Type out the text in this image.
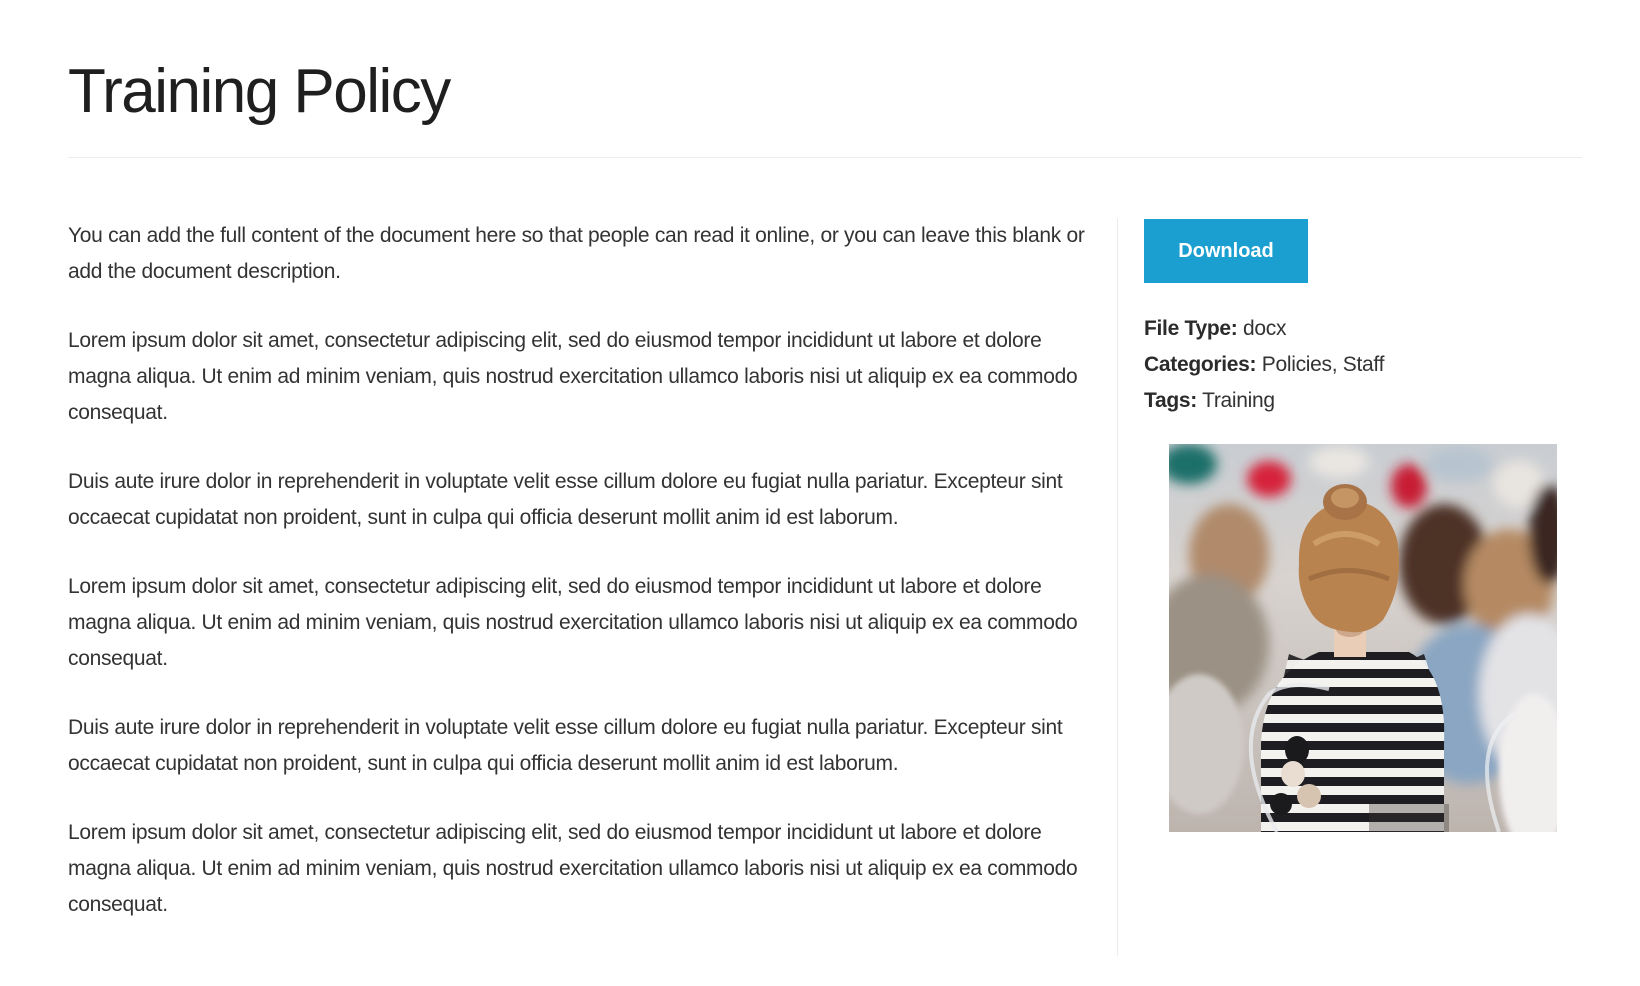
Training Policy

You can add the full content of the document here so that people can read it online, or you can leave this blank or add the document description.

Lorem ipsum dolor sit amet, consectetur adipiscing elit, sed do eiusmod tempor incididunt ut labore et dolore magna aliqua. Ut enim ad minim veniam, quis nostrud exercitation ullamco laboris nisi ut aliquip ex ea commodo consequat.

Duis aute irure dolor in reprehenderit in voluptate velit esse cillum dolore eu fugiat nulla pariatur. Excepteur sint occaecat cupidatat non proident, sunt in culpa qui officia deserunt mollit anim id est laborum.

Lorem ipsum dolor sit amet, consectetur adipiscing elit, sed do eiusmod tempor incididunt ut labore et dolore magna aliqua. Ut enim ad minim veniam, quis nostrud exercitation ullamco laboris nisi ut aliquip ex ea commodo consequat.

Duis aute irure dolor in reprehenderit in voluptate velit esse cillum dolore eu fugiat nulla pariatur. Excepteur sint occaecat cupidatat non proident, sunt in culpa qui officia deserunt mollit anim id est laborum.

Lorem ipsum dolor sit amet, consectetur adipiscing elit, sed do eiusmod tempor incididunt ut labore et dolore magna aliqua. Ut enim ad minim veniam, quis nostrud exercitation ullamco laboris nisi ut aliquip ex ea commodo consequat.

Download
File Type: docx
Categories: Policies, Staff
Tags: Training
